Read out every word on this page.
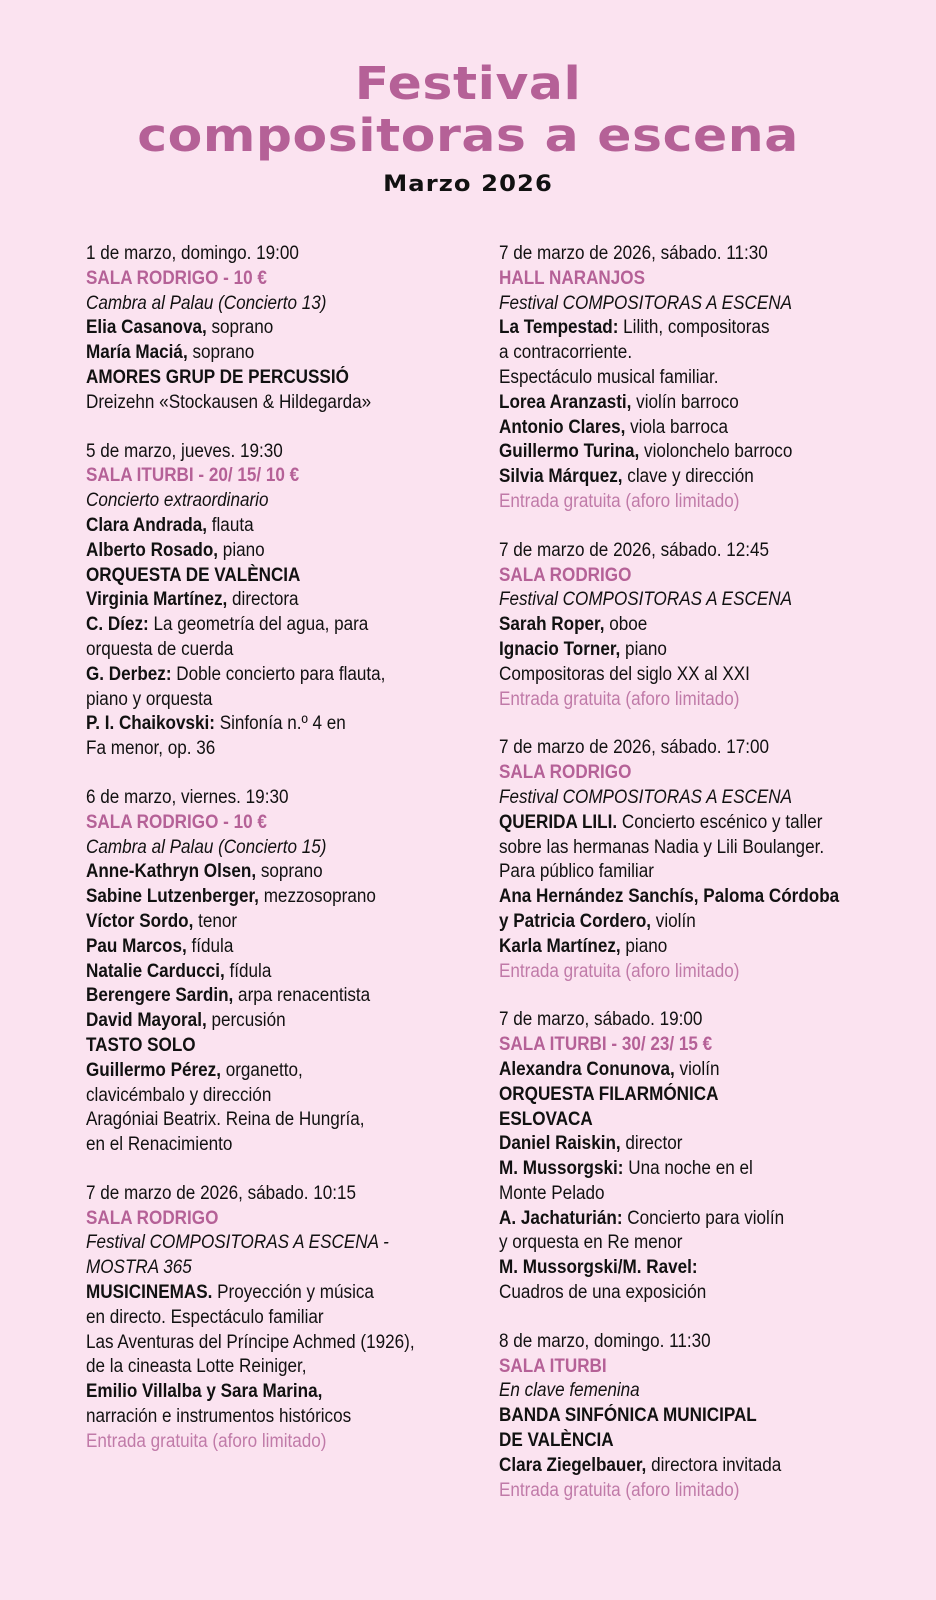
Festival
compositoras a escena
Marzo 2026
1 de marzo, domingo. 19:00
SALA RODRIGO - 10 €
Cambra al Palau (Concierto 13)
Elia Casanova, soprano
María Maciá, soprano
AMORES GRUP DE PERCUSSIÓ
Dreizehn «Stockausen & Hildegarda»
5 de marzo, jueves. 19:30
SALA ITURBI - 20/ 15/ 10 €
Concierto extraordinario
Clara Andrada, flauta
Alberto Rosado, piano
ORQUESTA DE VALÈNCIA
Virginia Martínez, directora
C. Díez: La geometría del agua, para
orquesta de cuerda
G. Derbez: Doble concierto para flauta,
piano y orquesta
P. I. Chaikovski: Sinfonía n.º 4 en
Fa menor, op. 36
6 de marzo, viernes. 19:30
SALA RODRIGO - 10 €
Cambra al Palau (Concierto 15)
Anne-Kathryn Olsen, soprano
Sabine Lutzenberger, mezzosoprano
Víctor Sordo, tenor
Pau Marcos, fídula
Natalie Carducci, fídula
Berengere Sardin, arpa renacentista
David Mayoral, percusión
TASTO SOLO
Guillermo Pérez, organetto,
clavicémbalo y dirección
Aragóniai Beatrix. Reina de Hungría,
en el Renacimiento
7 de marzo de 2026, sábado. 10:15
SALA RODRIGO
Festival COMPOSITORAS A ESCENA -
MOSTRA 365
MUSICINEMAS. Proyección y música
en directo. Espectáculo familiar
Las Aventuras del Príncipe Achmed (1926),
de la cineasta Lotte Reiniger,
Emilio Villalba y Sara Marina,
narración e instrumentos históricos
Entrada gratuita (aforo limitado)
7 de marzo de 2026, sábado. 11:30
HALL NARANJOS
Festival COMPOSITORAS A ESCENA
La Tempestad: Lilith, compositoras
a contracorriente.
Espectáculo musical familiar.
Lorea Aranzasti, violín barroco
Antonio Clares, viola barroca
Guillermo Turina, violonchelo barroco
Silvia Márquez, clave y dirección
Entrada gratuita (aforo limitado)
7 de marzo de 2026, sábado. 12:45
SALA RODRIGO
Festival COMPOSITORAS A ESCENA
Sarah Roper, oboe
Ignacio Torner, piano
Compositoras del siglo XX al XXI
Entrada gratuita (aforo limitado)
7 de marzo de 2026, sábado. 17:00
SALA RODRIGO
Festival COMPOSITORAS A ESCENA
QUERIDA LILI. Concierto escénico y taller
sobre las hermanas Nadia y Lili Boulanger.
Para público familiar
Ana Hernández Sanchís, Paloma Córdoba
y Patricia Cordero, violín
Karla Martínez, piano
Entrada gratuita (aforo limitado)
7 de marzo, sábado. 19:00
SALA ITURBI - 30/ 23/ 15 €
Alexandra Conunova, violín
ORQUESTA FILARMÓNICA
ESLOVACA
Daniel Raiskin, director
M. Mussorgski: Una noche en el
Monte Pelado
A. Jachaturián: Concierto para violín
y orquesta en Re menor
M. Mussorgski/M. Ravel:
Cuadros de una exposición
8 de marzo, domingo. 11:30
SALA ITURBI
En clave femenina
BANDA SINFÓNICA MUNICIPAL
DE VALÈNCIA
Clara Ziegelbauer, directora invitada
Entrada gratuita (aforo limitado)
